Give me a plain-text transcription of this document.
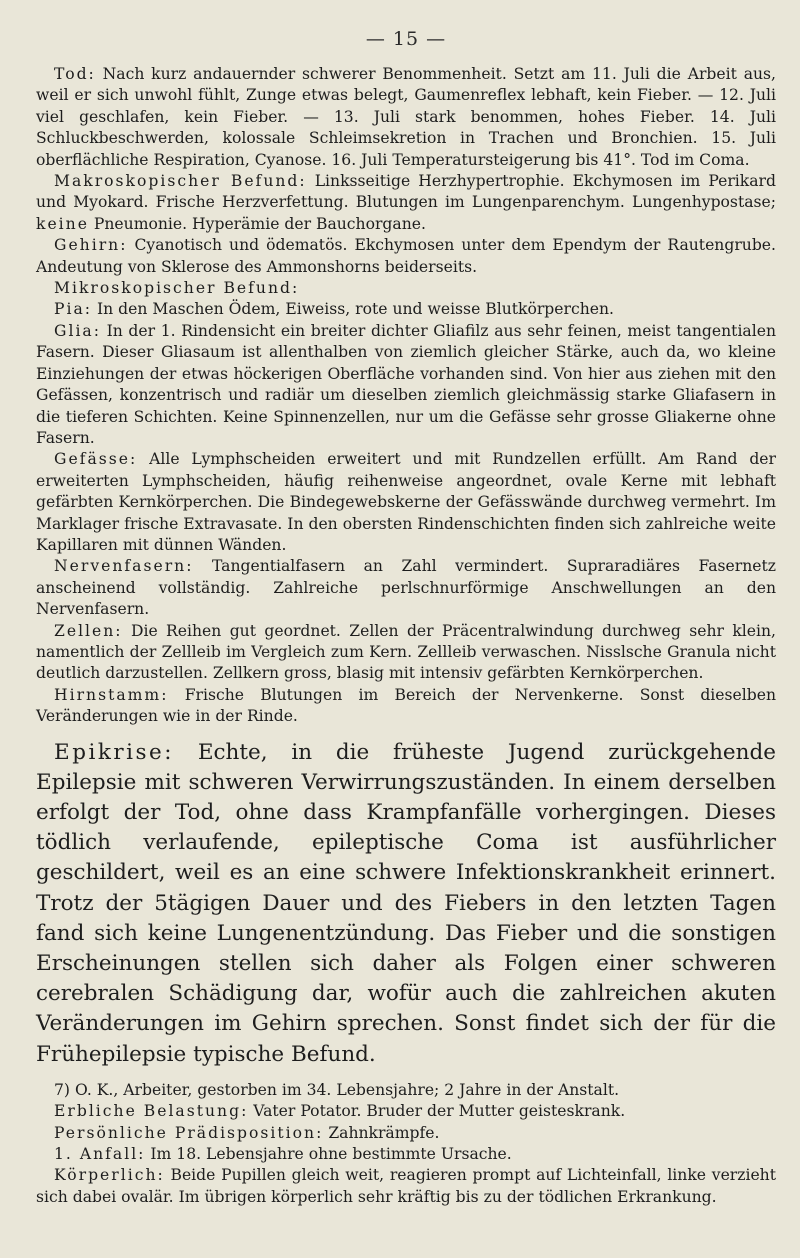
— 15 —

Tod: Nach kurz andauernder schwerer Benommenheit. Setzt am 11. Juli die Arbeit aus, weil er sich unwohl fühlt, Zunge etwas belegt, Gaumenreflex lebhaft, kein Fieber. — 12. Juli viel geschlafen, kein Fieber. — 13. Juli stark benommen, hohes Fieber. 14. Juli Schluckbeschwerden, kolossale Schleimsekretion in Trachen und Bronchien. 15. Juli oberflächliche Respiration, Cyanose. 16. Juli Temperatursteigerung bis 41°. Tod im Coma.

Makroskopischer Befund: Linksseitige Herzhypertrophie. Ekchymosen im Perikard und Myokard. Frische Herzverfettung. Blutungen im Lungenparenchym. Lungenhypostase; keine Pneumonie. Hyperämie der Bauchorgane.

Gehirn: Cyanotisch und ödematös. Ekchymosen unter dem Ependym der Rautengrube. Andeutung von Sklerose des Ammonshorns beiderseits.

Mikroskopischer Befund:

Pia: In den Maschen Ödem, Eiweiss, rote und weisse Blutkörperchen.

Glia: In der 1. Rindensicht ein breiter dichter Gliafilz aus sehr feinen, meist tangentialen Fasern. Dieser Gliasaum ist allenthalben von ziemlich gleicher Stärke, auch da, wo kleine Einziehungen der etwas höckerigen Oberfläche vorhanden sind. Von hier aus ziehen mit den Gefässen, konzentrisch und radiär um dieselben ziemlich gleichmässig starke Gliafasern in die tieferen Schichten. Keine Spinnenzellen, nur um die Gefässe sehr grosse Gliakerne ohne Fasern.

Gefässe: Alle Lymphscheiden erweitert und mit Rundzellen erfüllt. Am Rand der erweiterten Lymphscheiden, häufig reihenweise angeordnet, ovale Kerne mit lebhaft gefärbten Kernkörperchen. Die Bindegewebskerne der Gefässwände durchweg vermehrt. Im Marklager frische Extravasate. In den obersten Rindenschichten finden sich zahlreiche weite Kapillaren mit dünnen Wänden.

Nervenfasern: Tangentialfasern an Zahl vermindert. Supraradiäres Fasernetz anscheinend vollständig. Zahlreiche perlschnurförmige Anschwellungen an den Nervenfasern.

Zellen: Die Reihen gut geordnet. Zellen der Präcentralwindung durchweg sehr klein, namentlich der Zellleib im Vergleich zum Kern. Zellleib verwaschen. Nisslsche Granula nicht deutlich darzustellen. Zellkern gross, blasig mit intensiv gefärbten Kernkörperchen.

Hirnstamm: Frische Blutungen im Bereich der Nervenkerne. Sonst dieselben Veränderungen wie in der Rinde.

Epikrise: Echte, in die früheste Jugend zurückgehende Epilepsie mit schweren Verwirrungszuständen. In einem derselben erfolgt der Tod, ohne dass Krampfanfälle vorhergingen. Dieses tödlich verlaufende, epileptische Coma ist ausführlicher geschildert, weil es an eine schwere Infektionskrankheit erinnert. Trotz der 5tägigen Dauer und des Fiebers in den letzten Tagen fand sich keine Lungenentzündung. Das Fieber und die sonstigen Erscheinungen stellen sich daher als Folgen einer schweren cerebralen Schädigung dar, wofür auch die zahlreichen akuten Veränderungen im Gehirn sprechen. Sonst findet sich der für die Frühepilepsie typische Befund.

7) O. K., Arbeiter, gestorben im 34. Lebensjahre; 2 Jahre in der Anstalt.

Erbliche Belastung: Vater Potator. Bruder der Mutter geisteskrank.

Persönliche Prädisposition: Zahnkrämpfe.

1. Anfall: Im 18. Lebensjahre ohne bestimmte Ursache.

Körperlich: Beide Pupillen gleich weit, reagieren prompt auf Lichteinfall, linke verzieht sich dabei ovalär. Im übrigen körperlich sehr kräftig bis zu der tödlichen Erkrankung.
